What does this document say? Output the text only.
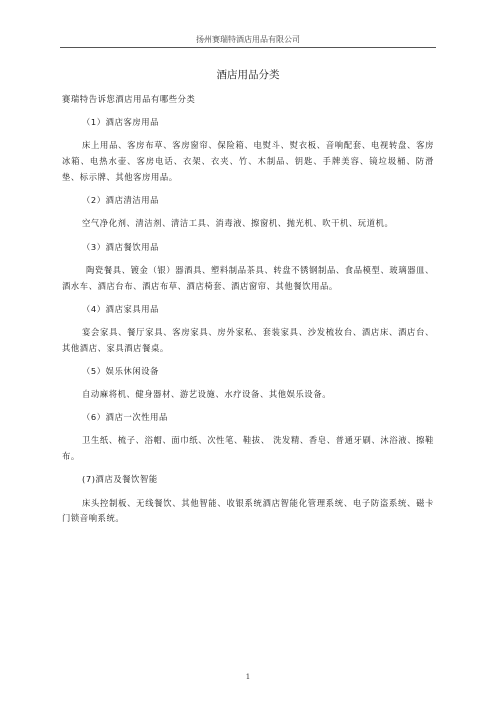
扬州赛瑞特酒店用品有限公司
酒店用品分类

赛瑞特告诉您酒店用品有哪些分类

（1）酒店客房用品

床上用品、客房布草、客房窗帘、保险箱、电熨斗、熨衣板、音响配套、电视转盘、客房冰箱、电热水壶、客房电话、衣架、衣夹、竹、木制品、钥匙、手牌美容、镜垃圾桶、防滑垫、标示牌、其他客房用品。

（2）酒店清洁用品

空气净化剂、清洁剂、清洁工具、消毒液、擦窗机、抛光机、吹干机、玩道机。

（3）酒店餐饮用品

陶瓷餐具、镀金（银）器酒具、塑料制品茶具、转盘不锈钢制品、食品模型、玻璃器皿、酒水车、酒店台布、酒店布草、酒店椅套、酒店窗帘、其他餐饮用品。

（4）酒店家具用品

宴会家具、餐厅家具、客房家具、房外家私、套装家具、沙发梳妆台、酒店床、酒店台、其他酒店、家具酒店餐桌。

（5）娱乐休闲设备

自动麻将机、健身器材、游艺设施、水疗设备、其他娱乐设备。

（6）酒店一次性用品

卫生纸、梳子、浴帽、面巾纸、次性笔、鞋拔、 洗发精、香皂、普通牙刷、沐浴液、擦鞋布。

(7)酒店及餐饮智能

床头控制板、无线餐饮、其他智能、收银系统酒店智能化管理系统、电子防盗系统、磁卡门锁音响系统。

1
